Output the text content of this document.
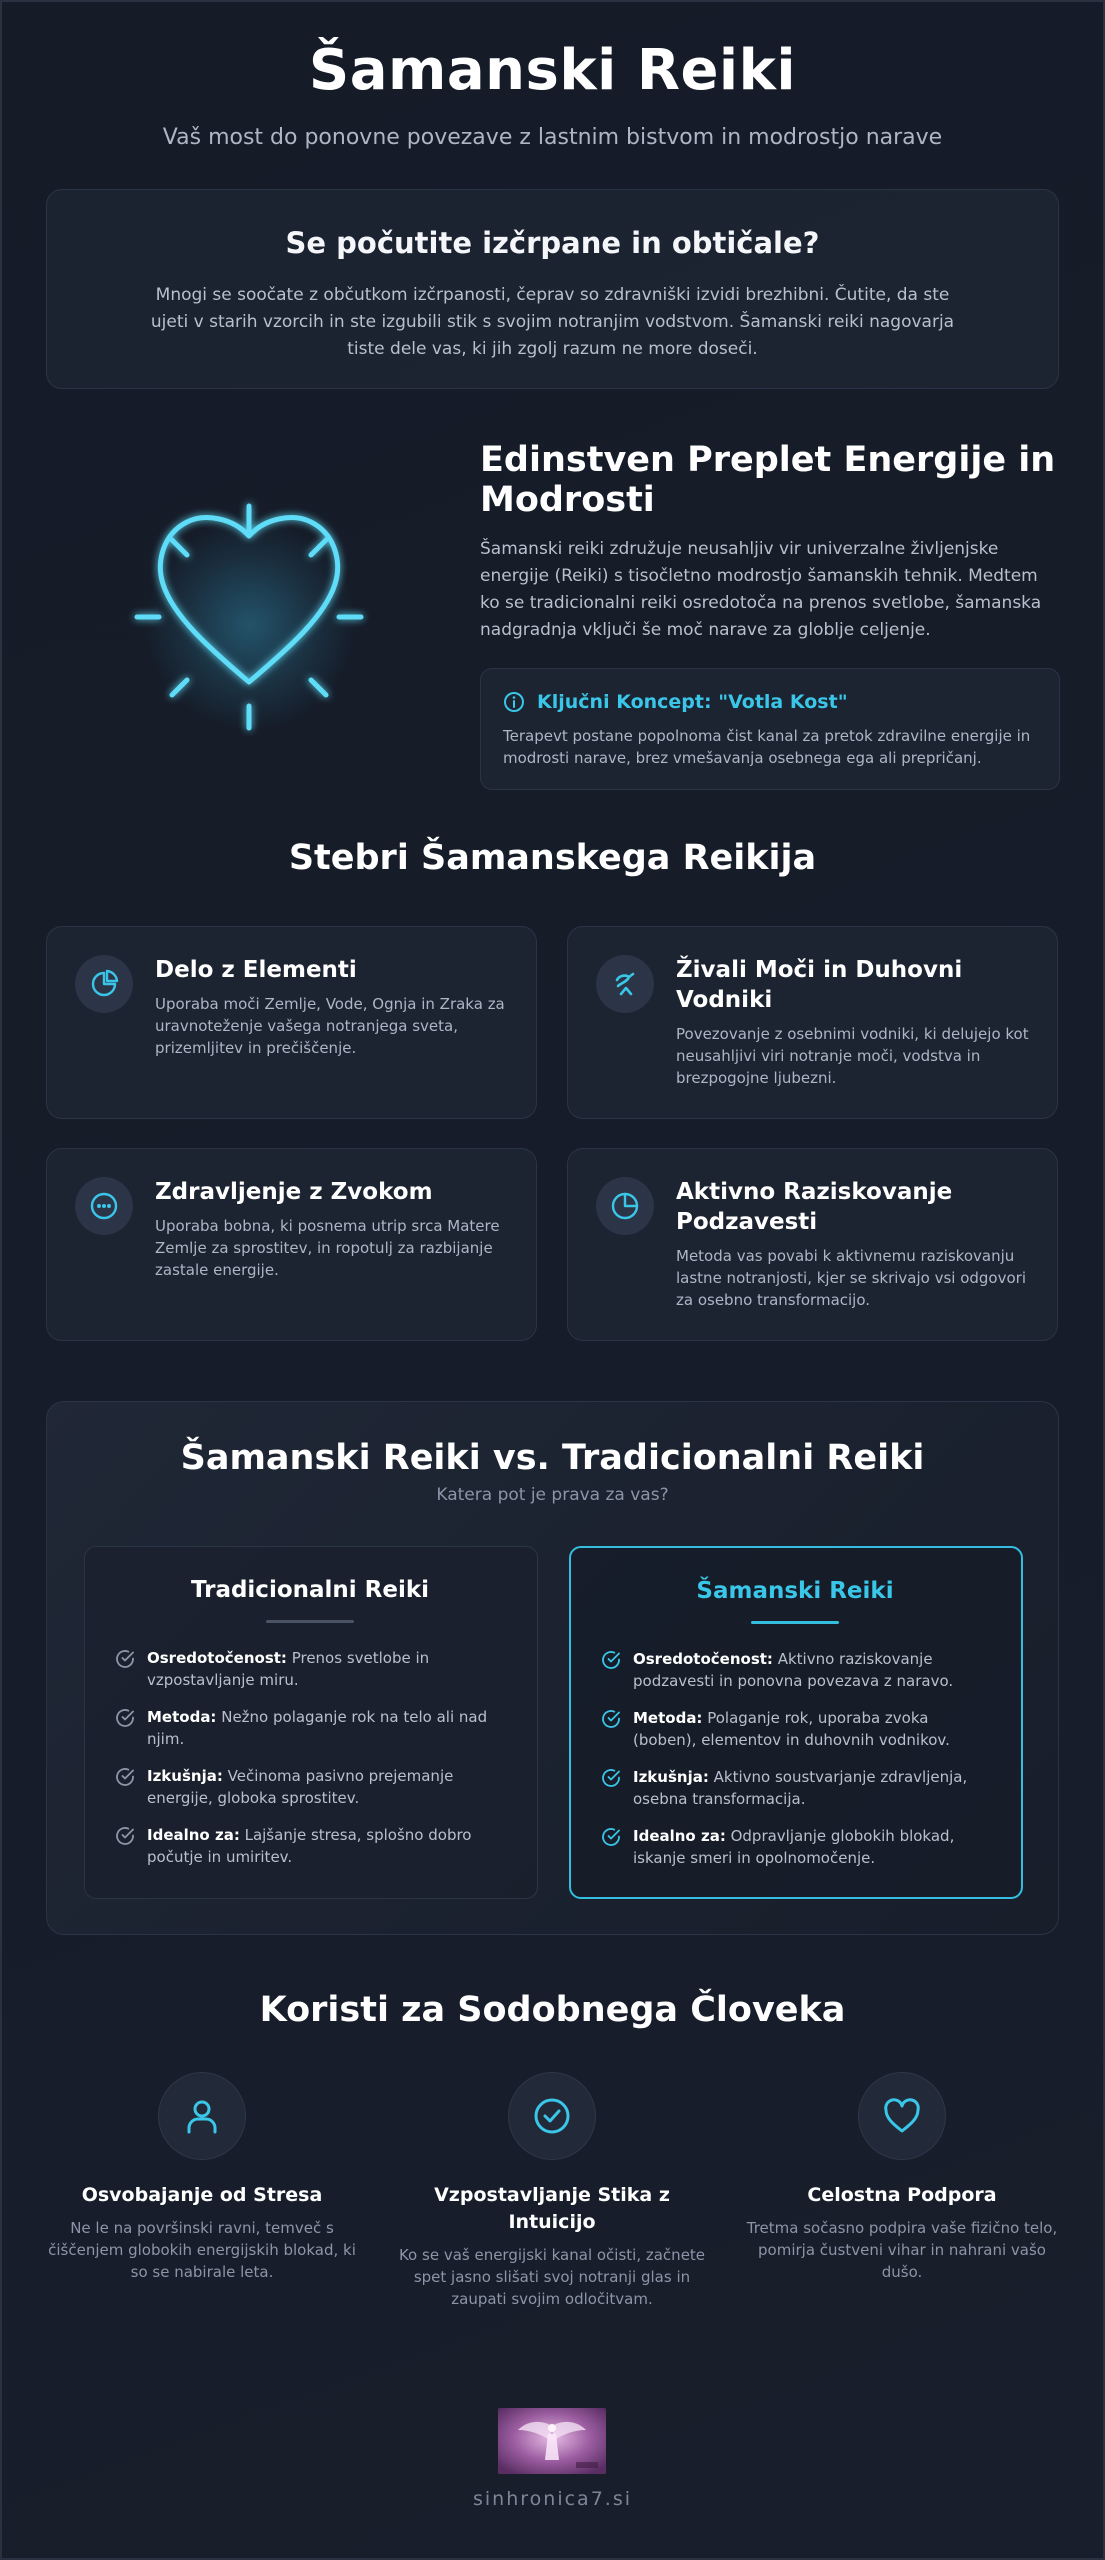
Šamanski Reiki

Vaš most do ponovne povezave z lastnim bistvom in modrostjo narave

Se počutite izčrpane in obtičale?

Mnogi se soočate z občutkom izčrpanosti, čeprav so zdravniški izvidi brezhibni. Čutite, da ste ujeti v starih vzorcih in ste izgubili stik s svojim notranjim vodstvom. Šamanski reiki nagovarja tiste dele vas, ki jih zgolj razum ne more doseči.

Edinstven Preplet Energije in Modrosti

Šamanski reiki združuje neusahljiv vir univerzalne življenjske energije (Reiki) s tisočletno modrostjo šamanskih tehnik. Medtem ko se tradicionalni reiki osredotoča na prenos svetlobe, šamanska nadgradnja vključi še moč narave za globlje celjenje.

Ključni Koncept: "Votla Kost"
Terapevt postane popolnoma čist kanal za pretok zdravilne energije in modrosti narave, brez vmešavanja osebnega ega ali prepričanj.
Stebri Šamanskega Reikija
Delo z Elementi

Uporaba moči Zemlje, Vode, Ognja in Zraka za uravnoteženje vašega notranjega sveta, prizemljitev in prečiščenje.

Živali Moči in Duhovni Vodniki

Povezovanje z osebnimi vodniki, ki delujejo kot neusahljivi viri notranje moči, vodstva in brezpogojne ljubezni.

Zdravljenje z Zvokom

Uporaba bobna, ki posnema utrip srca Matere Zemlje za sprostitev, in ropotulj za razbijanje zastale energije.

Aktivno Raziskovanje Podzavesti

Metoda vas povabi k aktivnemu raziskovanju lastne notranjosti, kjer se skrivajo vsi odgovori za osebno transformacijo.

Šamanski Reiki vs. Tradicionalni Reiki
Katera pot je prava za vas?
Tradicionalni Reiki
Osredotočenost: Prenos svetlobe in vzpostavljanje miru.
Metoda: Nežno polaganje rok na telo ali nad njim.
Izkušnja: Večinoma pasivno prejemanje energije, globoka sprostitev.
Idealno za: Lajšanje stresa, splošno dobro počutje in umiritev.
Šamanski Reiki
Osredotočenost: Aktivno raziskovanje podzavesti in ponovna povezava z naravo.
Metoda: Polaganje rok, uporaba zvoka (boben), elementov in duhovnih vodnikov.
Izkušnja: Aktivno soustvarjanje zdravljenja, osebna transformacija.
Idealno za: Odpravljanje globokih blokad, iskanje smeri in opolnomočenje.
Koristi za Sodobnega Človeka
Osvobajanje od Stresa

Ne le na površinski ravni, temveč s čiščenjem globokih energijskih blokad, ki so se nabirale leta.

Vzpostavljanje Stika z Intuicijo

Ko se vaš energijski kanal očisti, začnete spet jasno slišati svoj notranji glas in zaupati svojim odločitvam.

Celostna Podpora

Tretma sočasno podpira vaše fizično telo, pomirja čustveni vihar in nahrani vašo dušo.

sinhronica7.si
